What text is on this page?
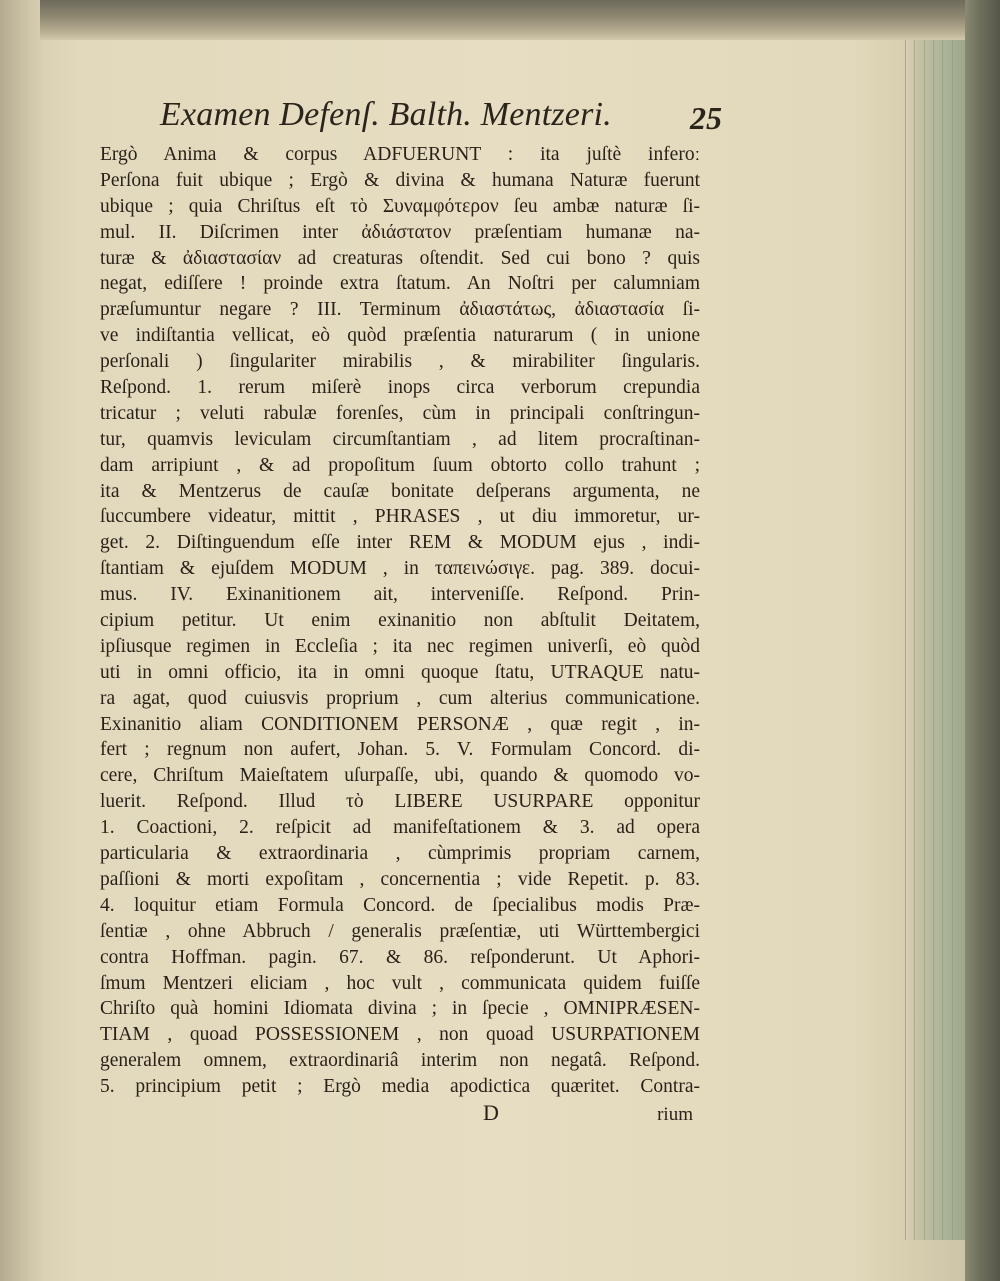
Examen Defenſ. Balth. Mentzeri.	25
Ergò Anima & corpus ADFUERUNT : ita juſtè inferoː
Perſona fuit ubique ; Ergò & divina & humana Naturæ fuerunt
ubique ; quia Chriſtus eſt τὸ Συναμφότερον ſeu ambæ naturæ ſi-
mul. II. Diſcrimen inter ἀδιάστατον præſentiam humanæ na-
turæ & ἀδιαστασίαν ad creaturas oſtendit. Sed cui bono ? quis
negat, ediſſere ! proinde extra ſtatum. An Noſtri per calumniam
præſumuntur negare ? III. Terminum ἀδιαστάτως, ἀδιαστασία ſi-
ve indiſtantia vellicat, eò quòd præſentia naturarum ( in unione
perſonali ) ſingulariter mirabilis , & mirabiliter ſingularis.
Reſpond. 1. rerum miſerè inops circa verborum crepundia
tricatur ; veluti rabulæ forenſes, cùm in principali conſtringun-
tur, quamvis leviculam circumſtantiam , ad litem procraſtinan-
dam arripiunt , & ad propoſitum ſuum obtorto collo trahunt ;
ita & Mentzerus de cauſæ bonitate deſperans argumenta, ne
ſuccumbere videatur, mittit , PHRASES , ut diu immoretur, ur-
get. 2. Diſtinguendum eſſe inter REM & MODUM ejus , indi-
ſtantiam & ejuſdem MODUM , in ταπεινώσιγε. pag. 389. docui-
mus. IV. Exinanitionem ait, interveniſſe. Reſpond. Prin-
cipium petitur. Ut enim exinanitio non abſtulit Deitatem,
ipſiusque regimen in Eccleſia ; ita nec regimen univerſi, eò quòd
uti in omni officio, ita in omni quoque ſtatu, UTRAQUE natu-
ra agat, quod cuiusvis proprium , cum alterius communicatione.
Exinanitio aliam CONDITIONEM PERSONÆ , quæ regit , in-
fert ; regnum non aufert, Johan. 5. V. Formulam Concord. di-
cere, Chriſtum Maieſtatem uſurpaſſe, ubi, quando & quomodo vo-
luerit. Reſpond. Illud τὸ LIBERE USURPARE opponitur
1. Coactioni, 2. reſpicit ad manifeſtationem & 3. ad opera
particularia & extraordinaria , cùmprimis propriam carnem,
paſſioni & morti expoſitam , concernentia ; vide Repetit. p. 83.
4. loquitur etiam Formula Concord. de ſpecialibus modis Præ-
ſentiæ , ohne Abbruch / generalis præſentiæ, uti Württembergici
contra Hoffman. pagin. 67. & 86. reſponderunt. Ut Aphori-
ſmum Mentzeri eliciam , hoc vult , communicata quidem fuiſſe
Chriſto quà homini Idiomata divina ; in ſpecie , OMNIPRÆSEN-
TIAM , quoad POSSESSIONEM , non quoad USURPATIONEM
generalem omnem, extraordinariâ interim non negatâ. Reſpond.
5. principium petit ; Ergò media apodictica quæritet. Contra-
D	rium
